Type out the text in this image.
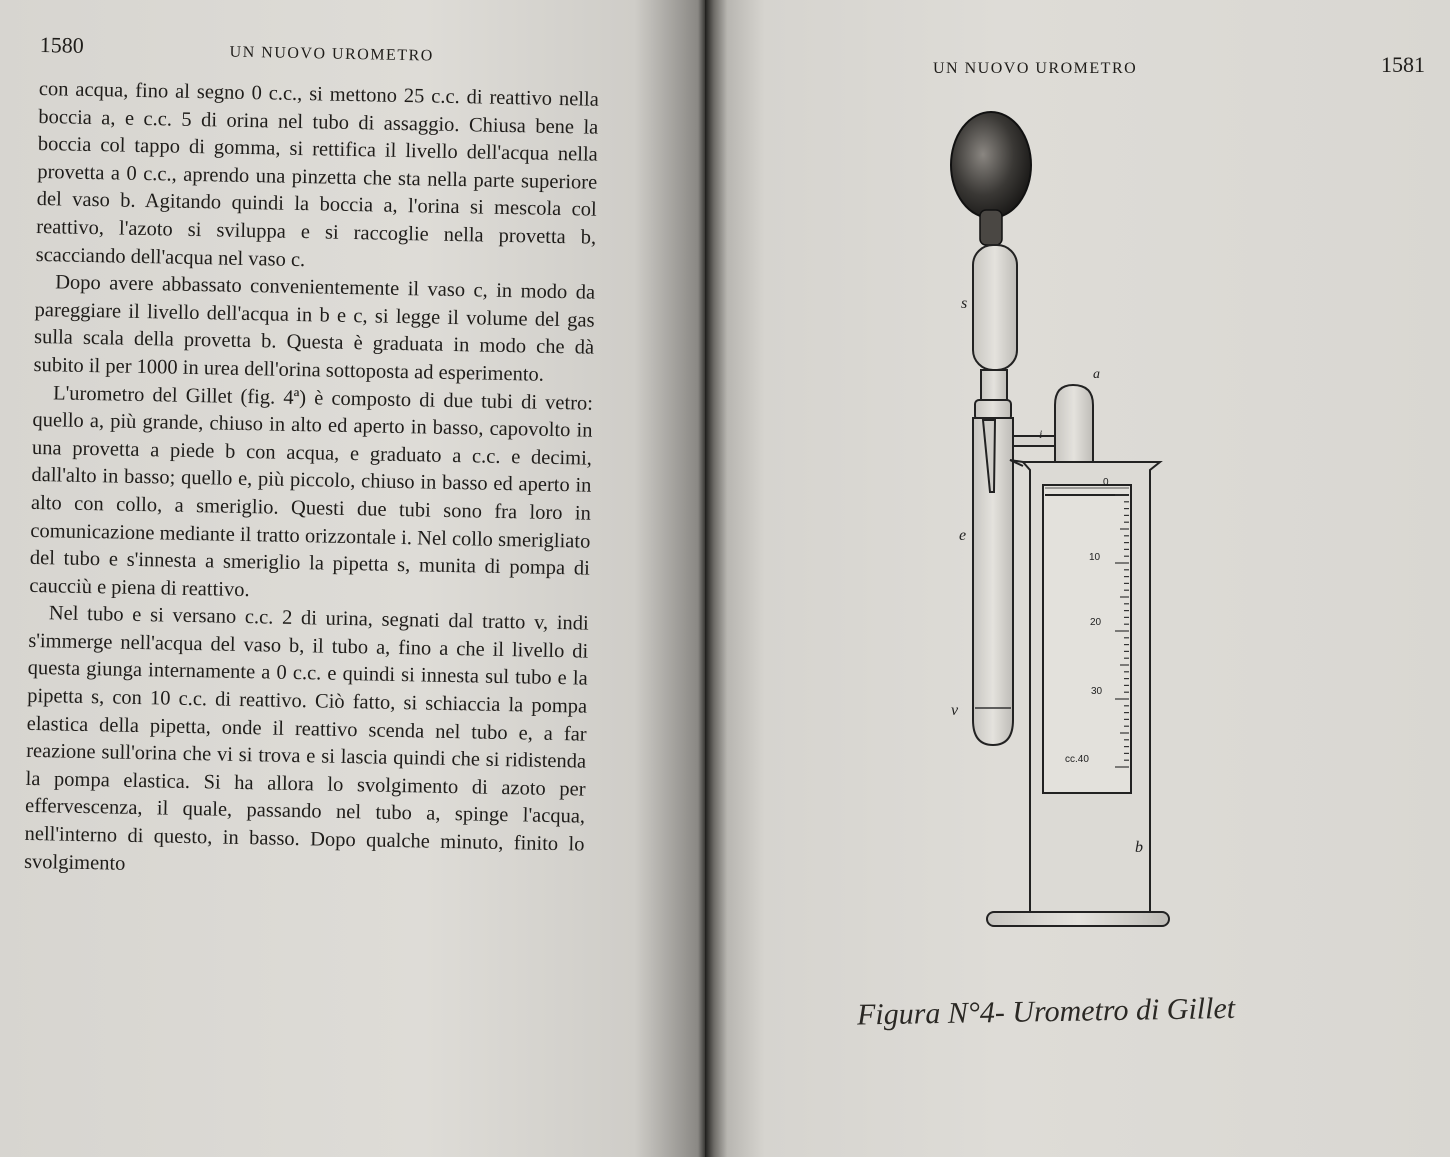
1580	UN NUOVO UROMETRO

con acqua, fino al segno 0 c.c., si mettono 25 c.c. di reattivo nella boccia a, e c.c. 5 di orina nel tubo di assaggio. Chiusa bene la boccia col tappo di gomma, si rettifica il livello dell'acqua nella provetta a 0 c.c., aprendo una pinzetta che sta nella parte superiore del vaso b. Agitando quindi la boccia a, l'orina si mescola col reattivo, l'azoto si sviluppa e si raccoglie nella provetta b, scacciando dell'acqua nel vaso c.

Dopo avere abbassato convenientemente il vaso c, in modo da pareggiare il livello dell'acqua in b e c, si legge il volume del gas sulla scala della provetta b. Questa è graduata in modo che dà subito il per 1000 in urea dell'orina sottoposta ad esperimento.

L'urometro del Gillet (fig. 4ª) è composto di due tubi di vetro: quello a, più grande, chiuso in alto ed aperto in basso, capovolto in una provetta a piede b con acqua, e graduato a c.c. e decimi, dall'alto in basso; quello e, più piccolo, chiuso in basso ed aperto in alto con collo, a smeriglio. Questi due tubi sono fra loro in comunicazione mediante il tratto orizzontale i. Nel collo smerigliato del tubo e s'innesta a smeriglio la pipetta s, munita di pompa di caucciù e piena di reattivo.

Nel tubo e si versano c.c. 2 di urina, segnati dal tratto v, indi s'immerge nell'acqua del vaso b, il tubo a, fino a che il livello di questa giunga internamente a 0 c.c. e quindi si innesta sul tubo e la pipetta s, con 10 c.c. di reattivo. Ciò fatto, si schiaccia la pompa elastica della pipetta, onde il reattivo scenda nel tubo e, a far reazione sull'orina che vi si trova e si lascia quindi che si ridistenda la pompa elastica. Si ha allora lo svolgimento di azoto per effervescenza, il quale, passando nel tubo a, spinge l'acqua, nell'interno di questo, in basso. Dopo qualche minuto, finito lo svolgimento

UN NUOVO UROMETRO	1581
s
a
i
e
v
b
0
10
20
30
cc.40
Figura N°4- Urometro di Gillet
